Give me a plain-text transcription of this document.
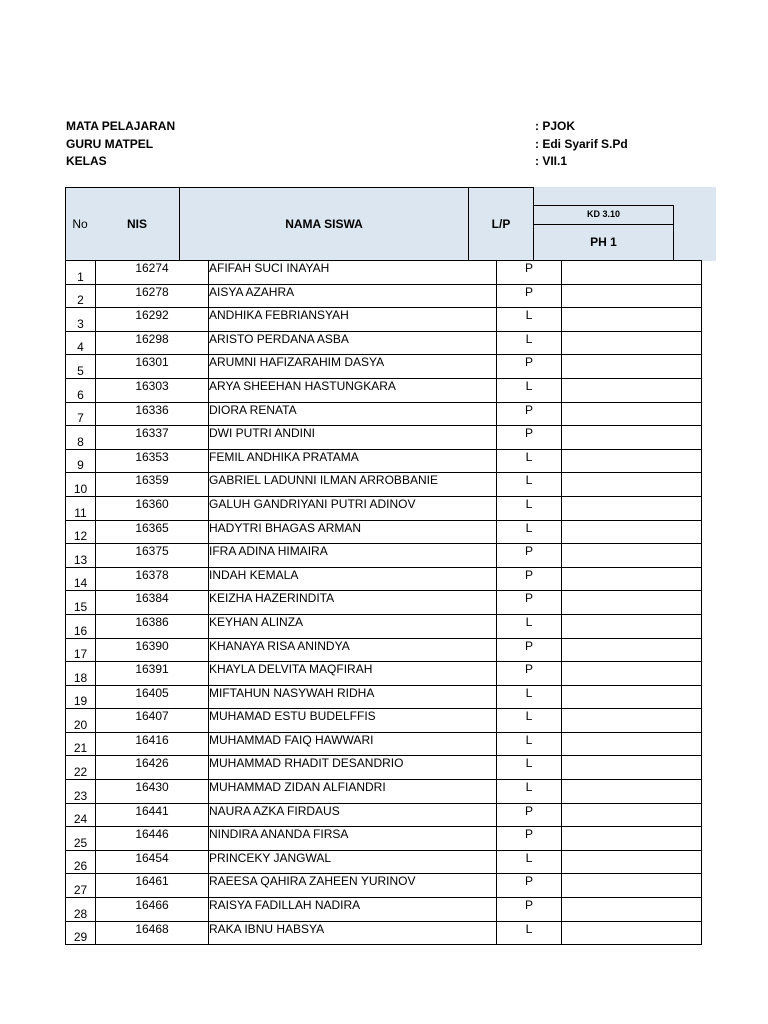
MATA PELAJARAN	: PJOK
GURU MATPEL	: Edi Syarif S.Pd
KELAS	: VII.1
No	NIS	NAMA SISWA	L/P
KD 3.10
PH 1
1	16274	AFIFAH SUCI INAYAH	P	
2	16278	AISYA AZAHRA	P	
3	16292	ANDHIKA FEBRIANSYAH	L	
4	16298	ARISTO PERDANA ASBA	L	
5	16301	ARUMNI HAFIZARAHIM DASYA	P	
6	16303	ARYA SHEEHAN HASTUNGKARA	L	
7	16336	DIORA RENATA	P	
8	16337	DWI PUTRI ANDINI	P	
9	16353	FEMIL ANDHIKA PRATAMA	L	
10	16359	GABRIEL LADUNNI ILMAN ARROBBANIE	L	
11	16360	GALUH GANDRIYANI PUTRI ADINOV	L	
12	16365	HADYTRI BHAGAS ARMAN	L	
13	16375	IFRA ADINA HIMAIRA	P	
14	16378	INDAH KEMALA	P	
15	16384	KEIZHA HAZERINDITA	P	
16	16386	KEYHAN ALINZA	L	
17	16390	KHANAYA RISA ANINDYA	P	
18	16391	KHAYLA DELVITA MAQFIRAH	P	
19	16405	MIFTAHUN NASYWAH RIDHA	L	
20	16407	MUHAMAD ESTU BUDELFFIS	L	
21	16416	MUHAMMAD FAIQ HAWWARI	L	
22	16426	MUHAMMAD RHADIT DESANDRIO	L	
23	16430	MUHAMMAD ZIDAN ALFIANDRI	L	
24	16441	NAURA AZKA FIRDAUS	P	
25	16446	NINDIRA ANANDA FIRSA	P	
26	16454	PRINCEKY JANGWAL	L	
27	16461	RAEESA QAHIRA ZAHEEN YURINOV	P	
28	16466	RAISYA FADILLAH NADIRA	P	
29	16468	RAKA IBNU HABSYA	L	
